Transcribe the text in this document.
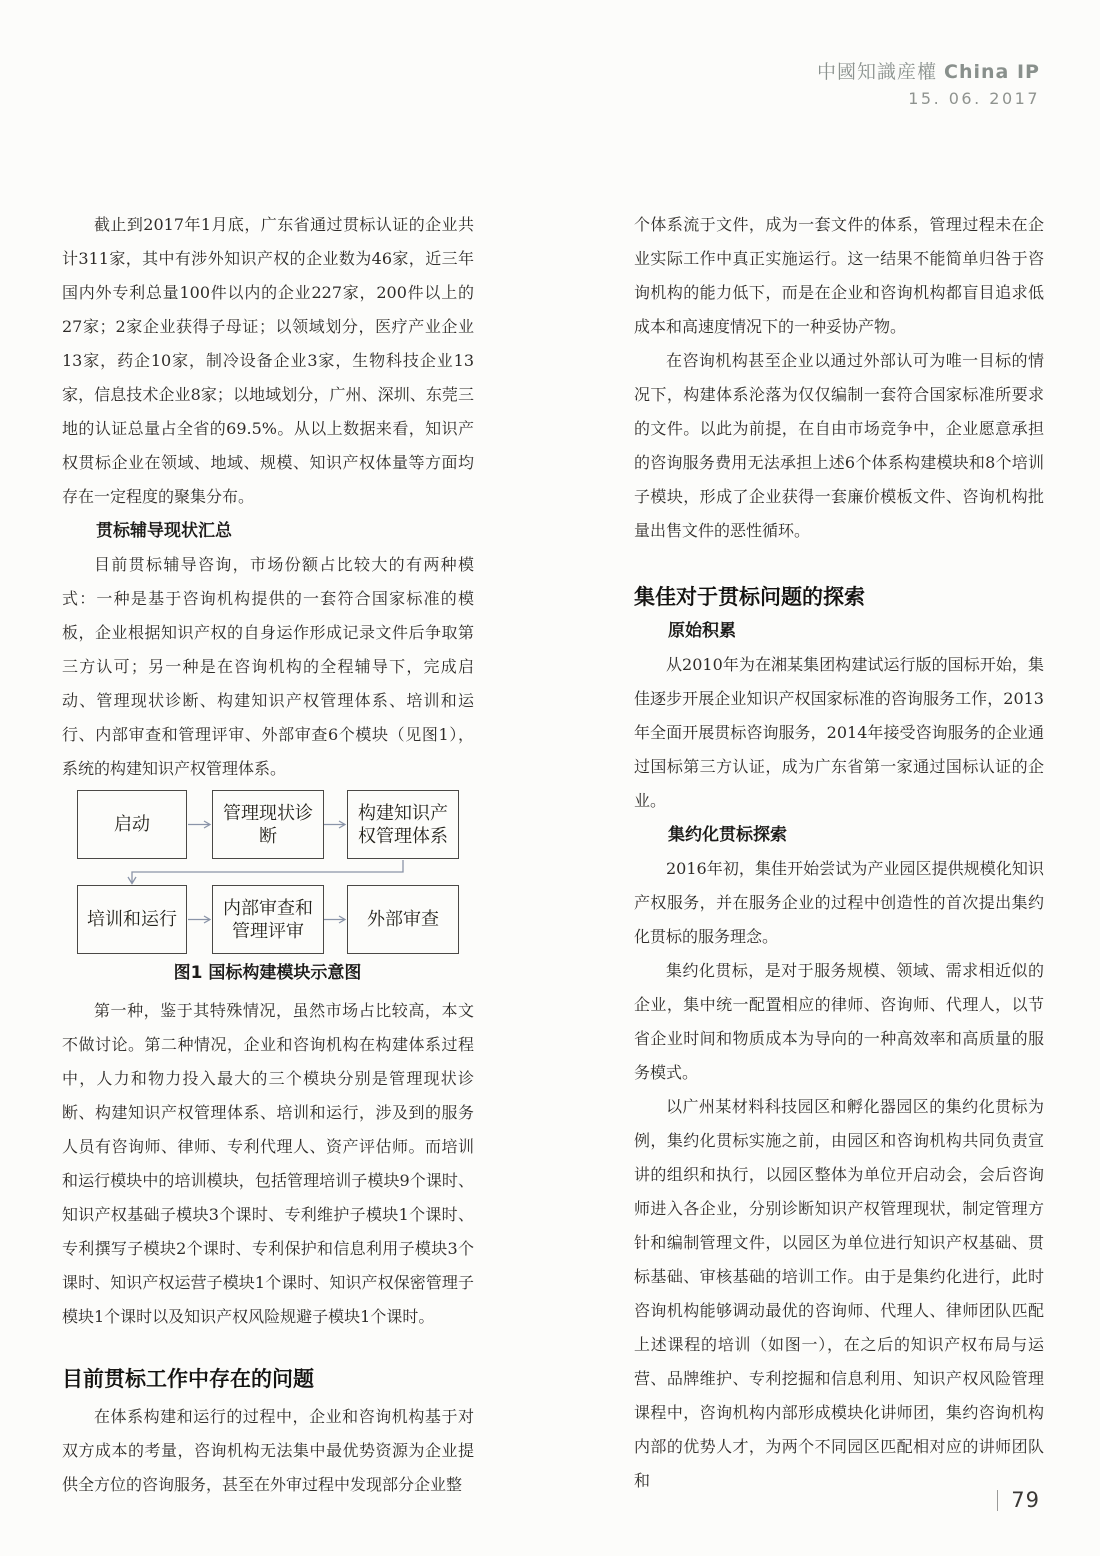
中國知識産權 China IP
15. 06. 2017

截止到2017年1月底，广东省通过贯标认证的企业共计311家，其中有涉外知识产权的企业数为46家，近三年国内外专利总量100件以内的企业227家，200件以上的27家；2家企业获得子母证；以领域划分，医疗产业企业13家，药企10家，制冷设备企业3家，生物科技企业13家，信息技术企业8家；以地域划分，广州、深圳、东莞三地的认证总量占全省的69.5%。从以上数据来看，知识产权贯标企业在领域、地域、规模、知识产权体量等方面均存在一定程度的聚集分布。

贯标辅导现状汇总

目前贯标辅导咨询，市场份额占比较大的有两种模式：一种是基于咨询机构提供的一套符合国家标准的模板，企业根据知识产权的自身运作形成记录文件后争取第三方认可；另一种是在咨询机构的全程辅导下，完成启动、管理现状诊断、构建知识产权管理体系、培训和运行、内部审查和管理评审、外部审查6个模块（见图1），系统的构建知识产权管理体系。

启动
管理现状诊断
构建知识产权管理体系
培训和运行
内部审查和管理评审
外部审查
图1 国标构建模块示意图

第一种，鉴于其特殊情况，虽然市场占比较高，本文不做讨论。第二种情况，企业和咨询机构在构建体系过程中，人力和物力投入最大的三个模块分别是管理现状诊断、构建知识产权管理体系、培训和运行，涉及到的服务人员有咨询师、律师、专利代理人、资产评估师。而培训和运行模块中的培训模块，包括管理培训子模块9个课时、知识产权基础子模块3个课时、专利维护子模块1个课时、专利撰写子模块2个课时、专利保护和信息利用子模块3个课时、知识产权运营子模块1个课时、知识产权保密管理子模块1个课时以及知识产权风险规避子模块1个课时。

目前贯标工作中存在的问题

在体系构建和运行的过程中，企业和咨询机构基于对双方成本的考量，咨询机构无法集中最优势资源为企业提供全方位的咨询服务，甚至在外审过程中发现部分企业整

个体系流于文件，成为一套文件的体系，管理过程未在企业实际工作中真正实施运行。这一结果不能简单归咎于咨询机构的能力低下，而是在企业和咨询机构都盲目追求低成本和高速度情况下的一种妥协产物。

在咨询机构甚至企业以通过外部认可为唯一目标的情况下，构建体系沦落为仅仅编制一套符合国家标准所要求的文件。以此为前提，在自由市场竞争中，企业愿意承担的咨询服务费用无法承担上述6个体系构建模块和8个培训子模块，形成了企业获得一套廉价模板文件、咨询机构批量出售文件的恶性循环。

集佳对于贯标问题的探索
原始积累

从2010年为在湘某集团构建试运行版的国标开始，集佳逐步开展企业知识产权国家标准的咨询服务工作，2013年全面开展贯标咨询服务，2014年接受咨询服务的企业通过国标第三方认证，成为广东省第一家通过国标认证的企业。

集约化贯标探索

2016年初，集佳开始尝试为产业园区提供规模化知识产权服务，并在服务企业的过程中创造性的首次提出集约化贯标的服务理念。

集约化贯标，是对于服务规模、领域、需求相近似的企业，集中统一配置相应的律师、咨询师、代理人，以节省企业时间和物质成本为导向的一种高效率和高质量的服务模式。

以广州某材料科技园区和孵化器园区的集约化贯标为例，集约化贯标实施之前，由园区和咨询机构共同负责宣讲的组织和执行，以园区整体为单位开启动会，会后咨询师进入各企业，分别诊断知识产权管理现状，制定管理方针和编制管理文件，以园区为单位进行知识产权基础、贯标基础、审核基础的培训工作。由于是集约化进行，此时咨询机构能够调动最优的咨询师、代理人、律师团队匹配上述课程的培训（如图一），在之后的知识产权布局与运营、品牌维护、专利挖掘和信息利用、知识产权风险管理课程中，咨询机构内部形成模块化讲师团，集约咨询机构内部的优势人才，为两个不同园区匹配相对应的讲师团队和

79
